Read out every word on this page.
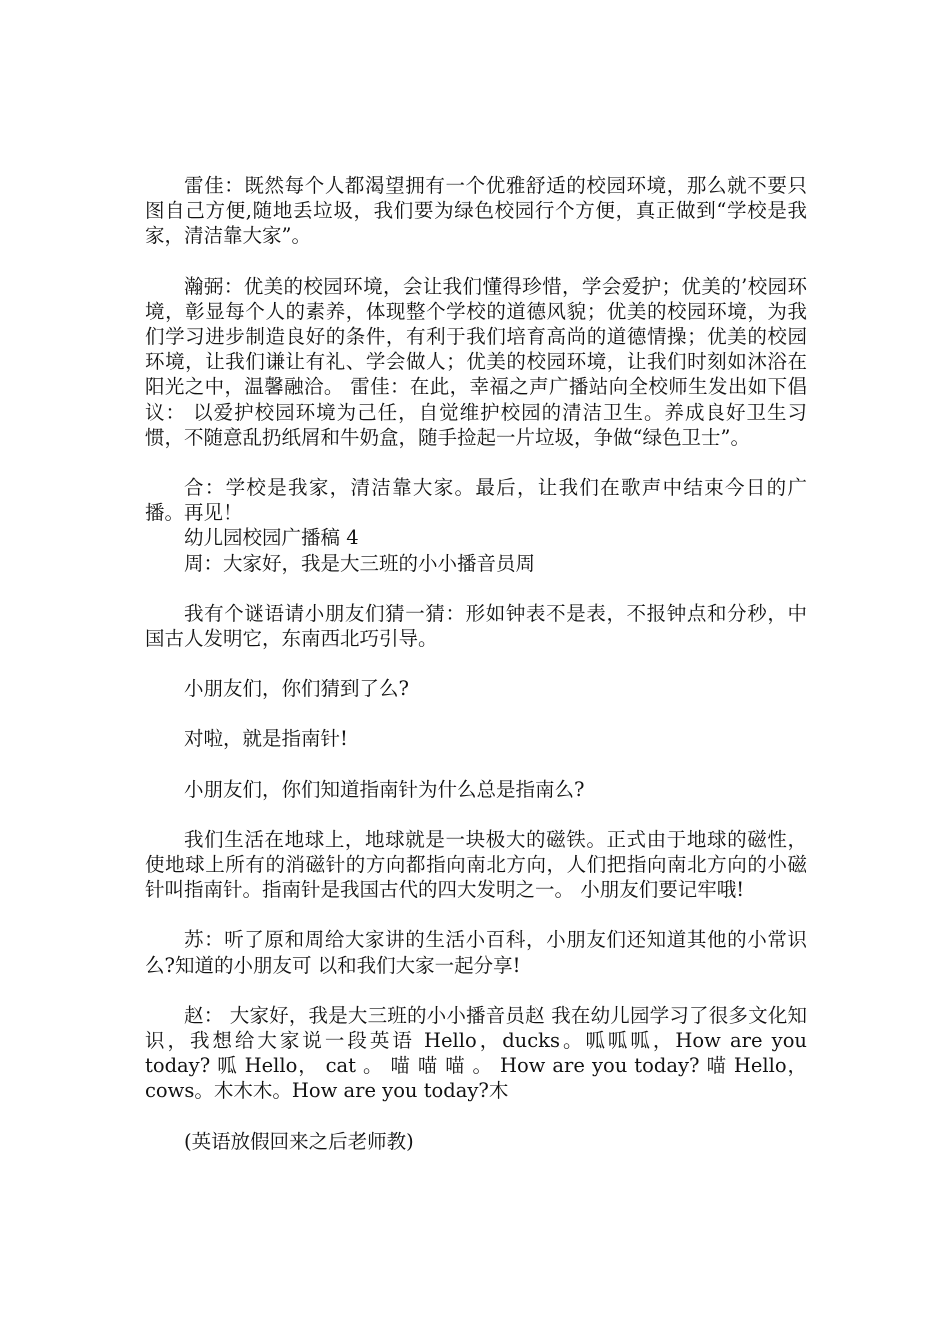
雷佳：既然每个人都渴望拥有一个优雅舒适的校园环境，那么就不要只图自己方便,随地丢垃圾，我们要为绿色校园行个方便，真正做到“学校是我家，清洁靠大家”。

瀚弼：优美的校园环境，会让我们懂得珍惜，学会爱护；优美的’校园环境，彰显每个人的素养，体现整个学校的道德风貌；优美的校园环境，为我们学习进步制造良好的条件，有利于我们培育高尚的道德情操；优美的校园环境，让我们谦让有礼、学会做人；优美的校园环境，让我们时刻如沐浴在阳光之中，温馨融洽。 雷佳：在此，幸福之声广播站向全校师生发出如下倡议： 以爱护校园环境为己任，自觉维护校园的清洁卫生。养成良好卫生习惯，不随意乱扔纸屑和牛奶盒，随手捡起一片垃圾，争做“绿色卫士”。

合：学校是我家，清洁靠大家。最后，让我们在歌声中结束今日的广播。再见！

幼儿园校园广播稿 4

周：大家好，我是大三班的小小播音员周

我有个谜语请小朋友们猜一猜：形如钟表不是表，不报钟点和分秒，中国古人发明它，东南西北巧引导。

小朋友们，你们猜到了么?

对啦，就是指南针!

小朋友们，你们知道指南针为什么总是指南么?

我们生活在地球上，地球就是一块极大的磁铁。正式由于地球的磁性，使地球上所有的消磁针的方向都指向南北方向，人们把指向南北方向的小磁针叫指南针。指南针是我国古代的四大发明之一。 小朋友们要记牢哦!

苏：听了原和周给大家讲的生活小百科，小朋友们还知道其他的小常识么?知道的小朋友可 以和我们大家一起分享!

赵： 大家好，我是大三班的小小播音员赵 我在幼儿园学习了很多文化知识，我想给大家说一段英语 Hello，ducks。呱呱呱，How are you today? 呱 Hello， cat 。 喵 喵 喵 。 How are you today? 喵 Hello，cows。木木木。How are you today?木

(英语放假回来之后老师教)
